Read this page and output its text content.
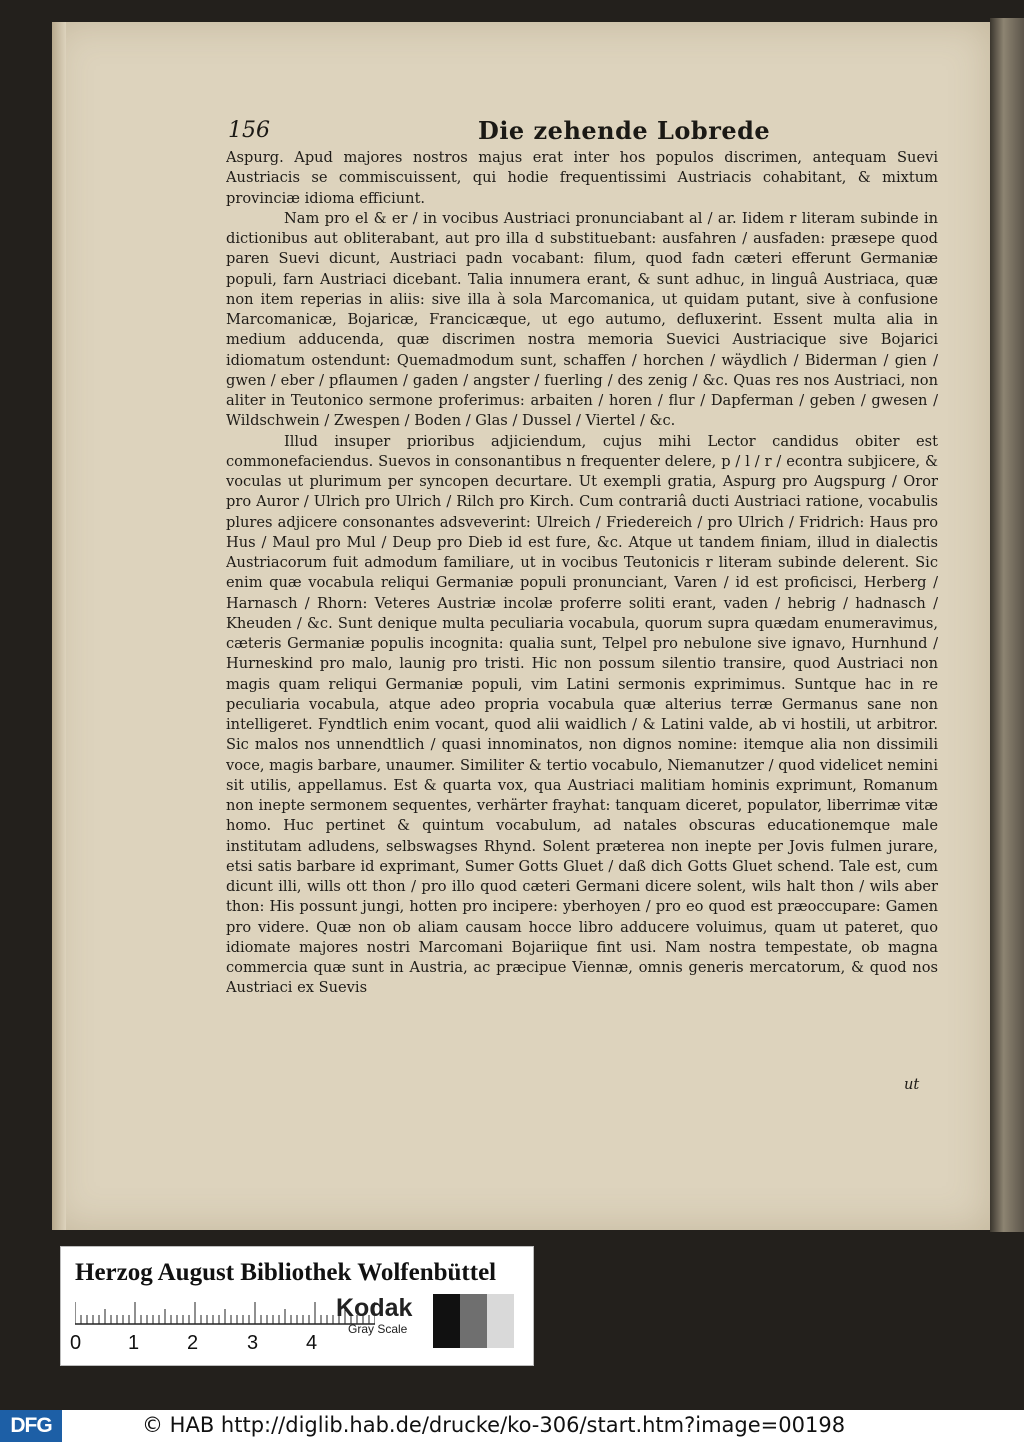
156	Die zehende Lobrede

Aspurg. Apud majores nostros majus erat inter hos populos discrimen, antequam Suevi Austriacis se commiscuissent, qui hodie frequentissimi Austriacis cohabitant, & mixtum provinciæ idioma efficiunt.

Nam pro el & er / in vocibus Austriaci pronunciabant al / ar. Iidem r literam subinde in dictionibus aut obliterabant, aut pro illa d substituebant: ausfahren / ausfaden: præsepe quod paren Suevi dicunt, Austriaci padn vocabant: filum, quod fadn cæteri efferunt Germaniæ populi, farn Austriaci dicebant. Talia innumera erant, & sunt adhuc, in linguâ Austriaca, quæ non item reperias in aliis: sive illa à sola Marcomanica, ut quidam putant, sive à confusione Marcomanicæ, Bojaricæ, Francicæque, ut ego autumo, defluxerint. Essent multa alia in medium adducenda, quæ discrimen nostra memoria Suevici Austriacique sive Bojarici idiomatum ostendunt: Quemadmodum sunt, schaffen / horchen / wäydlich / Biderman / gien / gwen / eber / pflaumen / gaden / angster / fuerling / des zenig / &c. Quas res nos Austriaci, non aliter in Teutonico sermone proferimus: arbaiten / horen / flur / Dapferman / geben / gwesen / Wildschwein / Zwespen / Boden / Glas / Dussel / Viertel / &c.

Illud insuper prioribus adjiciendum, cujus mihi Lector candidus obiter est commonefaciendus. Suevos in consonantibus n frequenter delere, p / l / r / econtra subjicere, & voculas ut plurimum per syncopen decurtare. Ut exempli gratia, Aspurg pro Augspurg / Oror pro Auror / Ulrich pro Ulrich / Rilch pro Kirch. Cum contrariâ ducti Austriaci ratione, vocabulis plures adjicere consonantes adsveverint: Ulreich / Friedereich / pro Ulrich / Fridrich: Haus pro Hus / Maul pro Mul / Deup pro Dieb id est fure, &c. Atque ut tandem finiam, illud in dialectis Austriacorum fuit admodum familiare, ut in vocibus Teutonicis r literam subinde delerent. Sic enim quæ vocabula reliqui Germaniæ populi pronunciant, Varen / id est proficisci, Herberg / Harnasch / Rhorn: Veteres Austriæ incolæ proferre soliti erant, vaden / hebrig / hadnasch / Kheuden / &c. Sunt denique multa peculiaria vocabula, quorum supra quædam enumeravimus, cæteris Germaniæ populis incognita: qualia sunt, Telpel pro nebulone sive ignavo, Hurnhund / Hurneskind pro malo, launig pro tristi. Hic non possum silentio transire, quod Austriaci non magis quam reliqui Germaniæ populi, vim Latini sermonis exprimimus. Suntque hac in re peculiaria vocabula, atque adeo propria vocabula quæ alterius terræ Germanus sane non intelligeret. Fyndtlich enim vocant, quod alii waidlich / & Latini valde, ab vi hostili, ut arbitror. Sic malos nos unnendtlich / quasi innominatos, non dignos nomine: itemque alia non dissimili voce, magis barbare, unaumer. Similiter & tertio vocabulo, Niemanutzer / quod videlicet nemini sit utilis, appellamus. Est & quarta vox, qua Austriaci malitiam hominis exprimunt, Romanum non inepte sermonem sequentes, verhärter frayhat: tanquam diceret, populator, liberrimæ vitæ homo. Huc pertinet & quintum vocabulum, ad natales obscuras educationemque male institutam adludens, selbswagses Rhynd. Solent præterea non inepte per Jovis fulmen jurare, etsi satis barbare id exprimant, Sumer Gotts Gluet / daß dich Gotts Gluet schend. Tale est, cum dicunt illi, wills ott thon / pro illo quod cæteri Germani dicere solent, wils halt thon / wils aber thon: His possunt jungi, hotten pro incipere: yberhoyen / pro eo quod est præoccupare: Gamen pro videre. Quæ non ob aliam causam hocce libro adducere voluimus, quam ut pateret, quo idiomate majores nostri Marcomani Bojariique fint usi. Nam nostra tempestate, ob magna commercia quæ sunt in Austria, ac præcipue Viennæ, omnis generis mercatorum, & quod nos Austriaci ex Suevis

ut
Herzog August Bibliothek Wolfenbüttel
0 1 2 3 4
Kodak
Gray Scale
DFG	© HAB http://diglib.hab.de/drucke/ko-306/start.htm?image=00198
